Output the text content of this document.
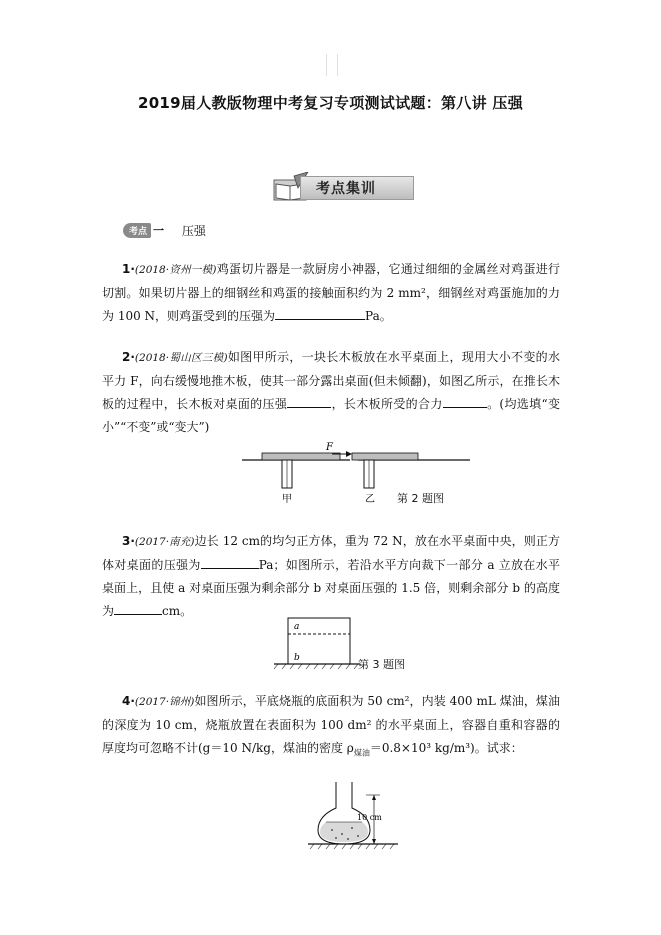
2019届人教版物理中考复习专项测试试题：第八讲 压强
考点集训
考点 一 压强
1·(2018·资州一模)鸡蛋切片器是一款厨房小神器，它通过细细的金属丝对鸡蛋进行切割。如果切片器上的细钢丝和鸡蛋的接触面积约为 2 mm²，细钢丝对鸡蛋施加的力为 100 N，则鸡蛋受到的压强为	Pa。
2·(2018·蜀山区三模)如图甲所示，一块长木板放在水平桌面上，现用大小不变的水平力 F，向右缓慢地推木板，使其一部分露出桌面(但未倾翻)，如图乙所示，在推长木板的过程中，长木板对桌面的压强	，长木板所受的合力	。(均选填“变小”“不变”或“变大”)
甲
F
乙 第 2 题图
3·(2017·南充)边长 12 cm的均匀正方体，重为 72 N，放在水平桌面中央，则正方体对桌面的压强为	Pa；如图所示，若沿水平方向裁下一部分 a 立放在水平桌面上，且使 a 对桌面压强为剩余部分 b 对桌面压强的 1.5 倍，则剩余部分 b 的高度为	cm。
a
b	第 3 题图
4·(2017·锦州)如图所示，平底烧瓶的底面积为 50 cm²，内装 400 mL 煤油，煤油的深度为 10 cm，烧瓶放置在表面积为 100 dm² 的水平桌面上，容器自重和容器的厚度均可忽略不计(g＝10 N/kg，煤油的密度 $\rho_{煤油}=0.8\times 10^3$ kg/m³)。试求：
10 cm
